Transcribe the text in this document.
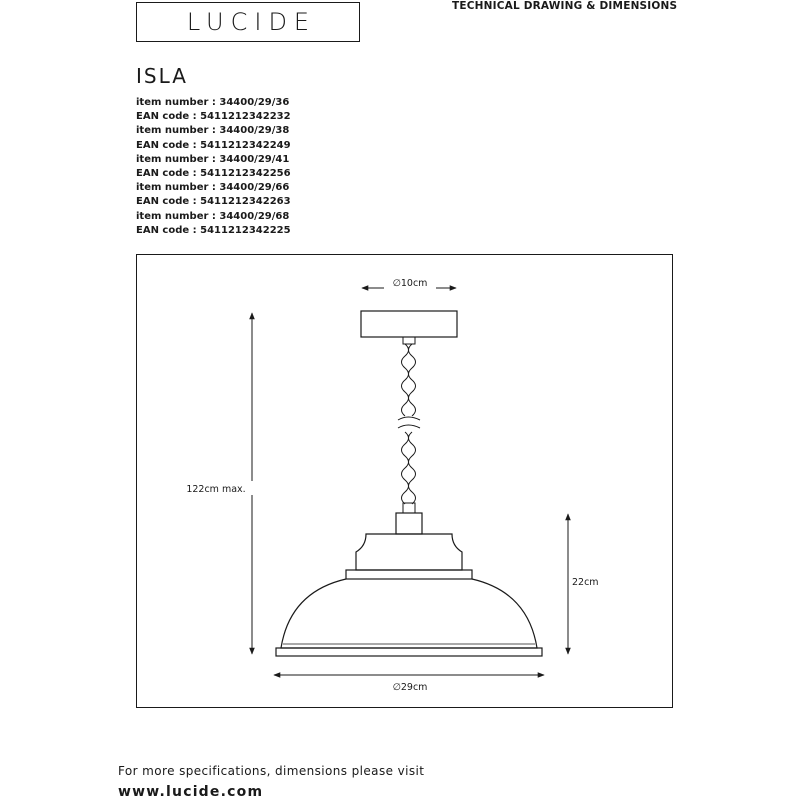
LUCIDE
TECHNICAL DRAWING & DIMENSIONS
ISLA
item number : 34400/29/36
EAN code : 5411212342232
item number : 34400/29/38
EAN code : 5411212342249
item number : 34400/29/41
EAN code : 5411212342256
item number : 34400/29/66
EAN code : 5411212342263
item number : 34400/29/68
EAN code : 5411212342225
∅10cm
122cm max.
22cm
∅29cm
For more specifications, dimensions please visit
www.lucide.com
